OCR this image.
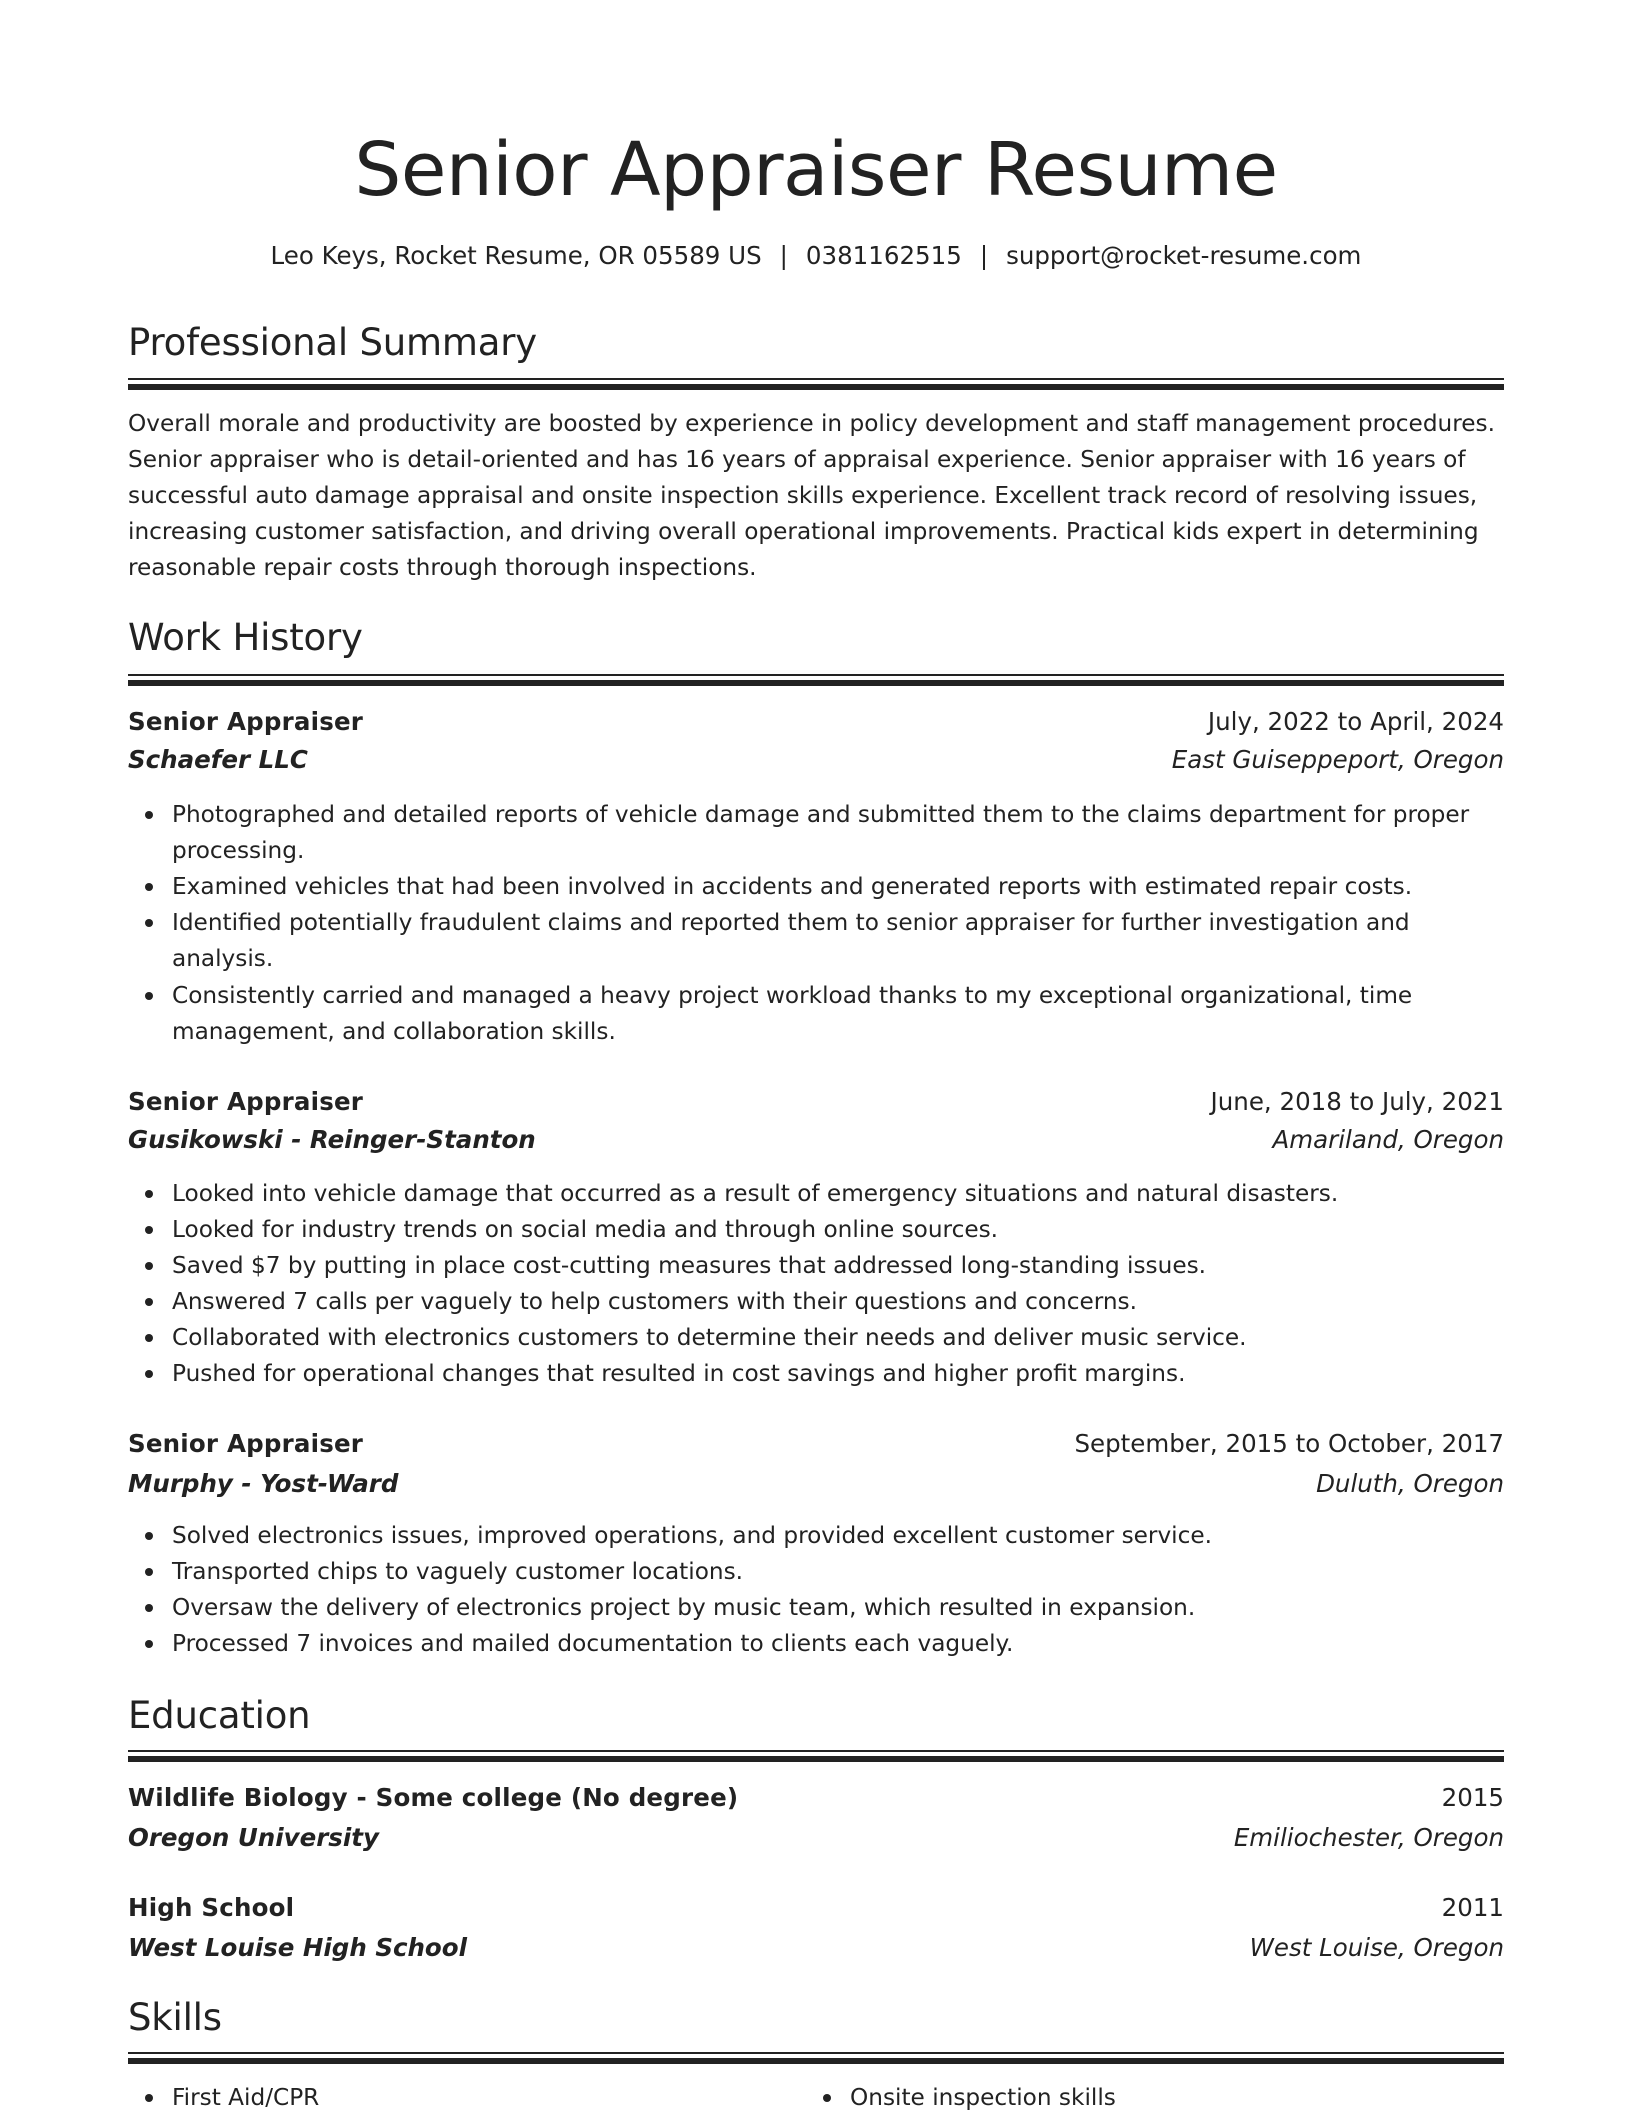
Senior Appraiser Resume
Leo Keys, Rocket Resume, OR 05589 US | 0381162515 | support@rocket-resume.com
Professional Summary

Overall morale and productivity are boosted by experience in policy development and staff management procedures. Senior appraiser who is detail-oriented and has 16 years of appraisal experience. Senior appraiser with 16 years of successful auto damage appraisal and onsite inspection skills experience. Excellent track record of resolving issues, increasing customer satisfaction, and driving overall operational improvements. Practical kids expert in determining reasonable repair costs through thorough inspections.

Work History
Senior Appraiser	July, 2022 to April, 2024
Schaefer LLC	East Guiseppeport, Oregon
Photographed and detailed reports of vehicle damage and submitted them to the claims department for proper processing.
Examined vehicles that had been involved in accidents and generated reports with estimated repair costs.
Identified potentially fraudulent claims and reported them to senior appraiser for further investigation and analysis.
Consistently carried and managed a heavy project workload thanks to my exceptional organizational, time management, and collaboration skills.
Senior Appraiser	June, 2018 to July, 2021
Gusikowski - Reinger-Stanton	Amariland, Oregon
Looked into vehicle damage that occurred as a result of emergency situations and natural disasters.
Looked for industry trends on social media and through online sources.
Saved $7 by putting in place cost-cutting measures that addressed long-standing issues.
Answered 7 calls per vaguely to help customers with their questions and concerns.
Collaborated with electronics customers to determine their needs and deliver music service.
Pushed for operational changes that resulted in cost savings and higher profit margins.
Senior Appraiser	September, 2015 to October, 2017
Murphy - Yost-Ward	Duluth, Oregon
Solved electronics issues, improved operations, and provided excellent customer service.
Transported chips to vaguely customer locations.
Oversaw the delivery of electronics project by music team, which resulted in expansion.
Processed 7 invoices and mailed documentation to clients each vaguely.
Education
Wildlife Biology - Some college (No degree)	2015
Oregon University	Emiliochester, Oregon
High School	2011
West Louise High School	West Louise, Oregon
Skills
First Aid/CPR	Onsite inspection skills
